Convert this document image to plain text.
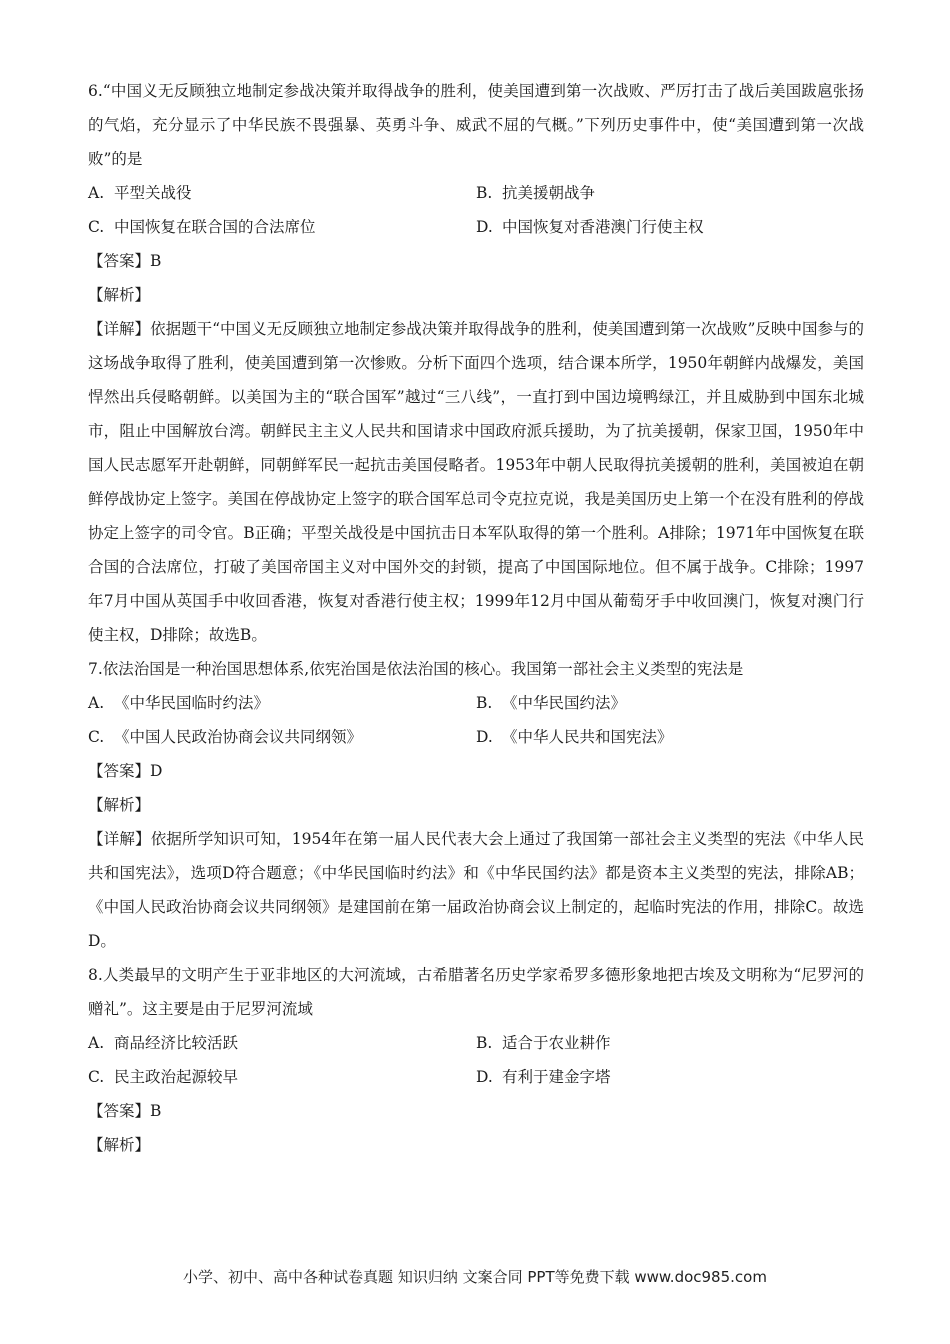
6.“中国义无反顾独立地制定参战决策并取得战争的胜利，使美国遭到第一次战败、严厉打击了战后美国跋扈张扬的气焰，充分显示了中华民族不畏强暴、英勇斗争、威武不屈的气概。”下列历史事件中，使“美国遭到第一次战败”的是

A. 平型关战役	B. 抗美援朝战争
C. 中国恢复在联合国的合法席位	D. 中国恢复对香港澳门行使主权
【答案】B
【解析】

【详解】依据题干“中国义无反顾独立地制定参战决策并取得战争的胜利，使美国遭到第一次战败”反映中国参与的这场战争取得了胜利，使美国遭到第一次惨败。分析下面四个选项，结合课本所学，1950年朝鲜内战爆发，美国悍然出兵侵略朝鲜。以美国为主的“联合国军”越过“三八线”，一直打到中国边境鸭绿江，并且威胁到中国东北城市，阻止中国解放台湾。朝鲜民主主义人民共和国请求中国政府派兵援助，为了抗美援朝，保家卫国，1950年中国人民志愿军开赴朝鲜，同朝鲜军民一起抗击美国侵略者。1953年中朝人民取得抗美援朝的胜利，美国被迫在朝鲜停战协定上签字。美国在停战协定上签字的联合国军总司令克拉克说，我是美国历史上第一个在没有胜利的停战协定上签字的司令官。B正确；平型关战役是中国抗击日本军队取得的第一个胜利。A排除；1971年中国恢复在联合国的合法席位，打破了美国帝国主义对中国外交的封锁，提高了中国国际地位。但不属于战争。C排除；1997年7月中国从英国手中收回香港，恢复对香港行使主权；1999年12月中国从葡萄牙手中收回澳门，恢复对澳门行使主权，D排除；故选B。

7.依法治国是一种治国思想体系,依宪治国是依法治国的核心。我国第一部社会主义类型的宪法是

A. 《中华民国临时约法》	B. 《中华民国约法》
C. 《中国人民政治协商会议共同纲领》	D. 《中华人民共和国宪法》
【答案】D
【解析】

【详解】依据所学知识可知，1954年在第一届人民代表大会上通过了我国第一部社会主义类型的宪法《中华人民共和国宪法》，选项D符合题意；《中华民国临时约法》和《中华民国约法》都是资本主义类型的宪法，排除AB；《中国人民政治协商会议共同纲领》是建国前在第一届政治协商会议上制定的，起临时宪法的作用，排除C。故选D。

8.人类最早的文明产生于亚非地区的大河流域，古希腊著名历史学家希罗多德形象地把古埃及文明称为“尼罗河的赠礼”。这主要是由于尼罗河流域

A. 商品经济比较活跃	B. 适合于农业耕作
C. 民主政治起源较早	D. 有利于建金字塔
【答案】B
【解析】
小学、初中、高中各种试卷真题 知识归纳 文案合同 PPT等免费下载 www.doc985.com
